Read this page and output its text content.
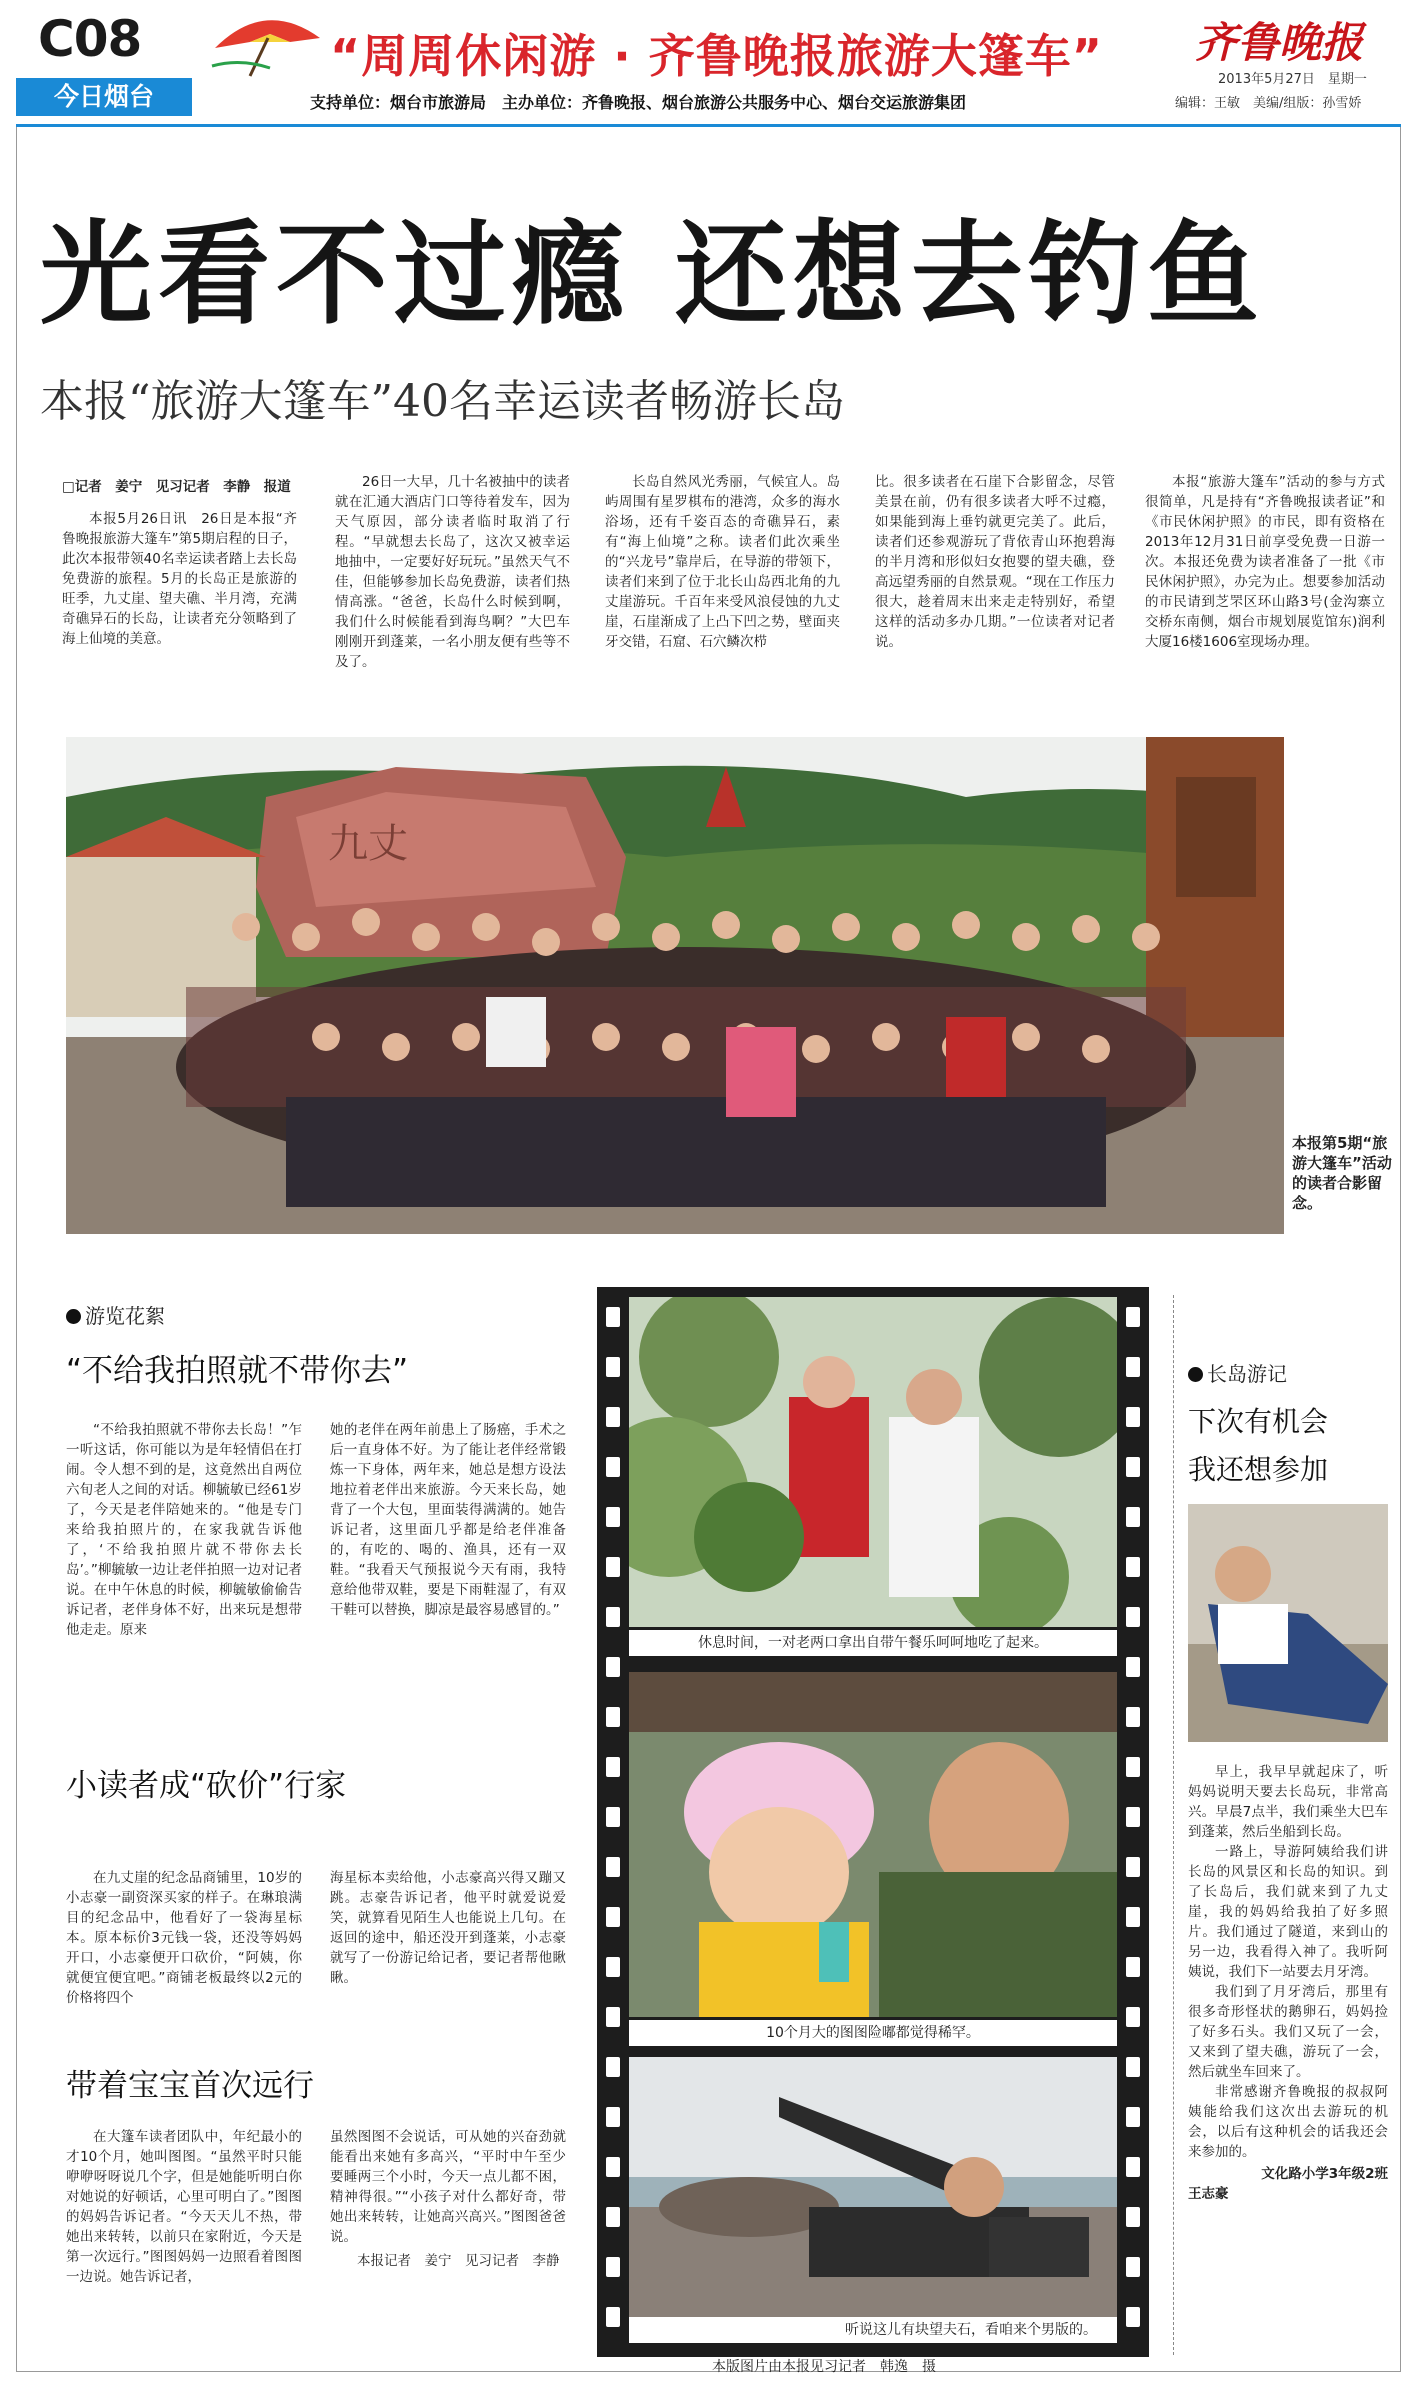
C08
今日烟台
“周周休闲游 · 齐鲁晚报旅游大篷车”
支持单位：烟台市旅游局　主办单位：齐鲁晚报、烟台旅游公共服务中心、烟台交运旅游集团
齐鲁晚报
2013年5月27日　星期一
编辑：王敏　美编/组版：孙雪娇
光看不过瘾 还想去钓鱼
本报“旅游大篷车”40名幸运读者畅游长岛
□记者　姜宁　见习记者　李静　报道

本报5月26日讯　26日是本报“齐鲁晚报旅游大篷车”第5期启程的日子，此次本报带领40名幸运读者踏上去长岛免费游的旅程。5月的长岛正是旅游的旺季，九丈崖、望夫礁、半月湾，充满奇礁异石的长岛，让读者充分领略到了海上仙境的美意。

26日一大早，几十名被抽中的读者就在汇通大酒店门口等待着发车，因为天气原因，部分读者临时取消了行程。“早就想去长岛了，这次又被幸运地抽中，一定要好好玩玩。”虽然天气不佳，但能够参加长岛免费游，读者们热情高涨。“爸爸，长岛什么时候到啊，我们什么时候能看到海鸟啊？”大巴车刚刚开到蓬莱，一名小朋友便有些等不及了。

长岛自然风光秀丽，气候宜人。岛屿周围有星罗棋布的港湾，众多的海水浴场，还有千姿百态的奇礁异石，素有“海上仙境”之称。读者们此次乘坐的“兴龙号”靠岸后，在导游的带领下，读者们来到了位于北长山岛西北角的九丈崖游玩。千百年来受风浪侵蚀的九丈崖，石崖渐成了上凸下凹之势，壁面夹牙交错，石窟、石穴鳞次栉

比。很多读者在石崖下合影留念，尽管美景在前，仍有很多读者大呼不过瘾，如果能到海上垂钓就更完美了。此后，读者们还参观游玩了背依青山环抱碧海的半月湾和形似妇女抱婴的望夫礁，登高远望秀丽的自然景观。“现在工作压力很大，趁着周末出来走走特别好，希望这样的活动多办几期。”一位读者对记者说。

本报“旅游大篷车”活动的参与方式很简单，凡是持有“齐鲁晚报读者证”和《市民休闲护照》的市民，即有资格在2013年12月31日前享受免费一日游一次。本报还免费为读者准备了一批《市民休闲护照》，办完为止。想要参加活动的市民请到芝罘区环山路3号(金沟寨立交桥东南侧，烟台市规划展览馆东)润利大厦16楼1606室现场办理。

九丈
本报第5期“旅游大篷车”活动的读者合影留念。
游览花絮
“不给我拍照就不带你去”

“不给我拍照就不带你去长岛！”乍一听这话，你可能以为是年轻情侣在打闹。令人想不到的是，这竟然出自两位六旬老人之间的对话。柳毓敏已经61岁了，今天是老伴陪她来的。“他是专门来给我拍照片的，在家我就告诉他了，‘不给我拍照片就不带你去长岛’。”柳毓敏一边让老伴拍照一边对记者说。在中午休息的时候，柳毓敏偷偷告诉记者，老伴身体不好，出来玩是想带他走走。原来

她的老伴在两年前患上了肠癌，手术之后一直身体不好。为了能让老伴经常锻炼一下身体，两年来，她总是想方设法地拉着老伴出来旅游。今天来长岛，她背了一个大包，里面装得满满的。她告诉记者，这里面几乎都是给老伴准备的，有吃的、喝的、渔具，还有一双鞋。“我看天气预报说今天有雨，我特意给他带双鞋，要是下雨鞋湿了，有双干鞋可以替换，脚凉是最容易感冒的。”

小读者成“砍价”行家

在九丈崖的纪念品商铺里，10岁的小志豪一副资深买家的样子。在琳琅满目的纪念品中，他看好了一袋海星标本。原本标价3元钱一袋，还没等妈妈开口，小志豪便开口砍价，“阿姨，你就便宜便宜吧。”商铺老板最终以2元的价格将四个

海星标本卖给他，小志豪高兴得又蹦又跳。志豪告诉记者，他平时就爱说爱笑，就算看见陌生人也能说上几句。在返回的途中，船还没开到蓬莱，小志豪就写了一份游记给记者，要记者帮他瞅瞅。

带着宝宝首次远行

在大篷车读者团队中，年纪最小的才10个月，她叫图图。“虽然平时只能咿咿呀呀说几个字，但是她能听明白你对她说的好顿话，心里可明白了。”图图的妈妈告诉记者。“今天天儿不热，带她出来转转，以前只在家附近，今天是第一次远行。”图图妈妈一边照看着图图一边说。她告诉记者，

虽然图图不会说话，可从她的兴奋劲就能看出来她有多高兴，“平时中午至少要睡两三个小时，今天一点儿都不困，精神得很。”“小孩子对什么都好奇，带她出来转转，让她高兴高兴。”图图爸爸说。

本报记者　姜宁　见习记者　李静

休息时间，一对老两口拿出自带午餐乐呵呵地吃了起来。
10个月大的图图险嘟都觉得稀罕。
听说这儿有块望夫石，看咱来个男版的。
本版图片由本报见习记者　韩逸　摄
长岛游记
下次有机会
我还想参加

早上，我早早就起床了，听妈妈说明天要去长岛玩，非常高兴。早晨7点半，我们乘坐大巴车到蓬莱，然后坐船到长岛。

一路上，导游阿姨给我们讲长岛的风景区和长岛的知识。到了长岛后，我们就来到了九丈崖，我的妈妈给我拍了好多照片。我们通过了隧道，来到山的另一边，我看得入神了。我听阿姨说，我们下一站要去月牙湾。

我们到了月牙湾后，那里有很多奇形怪状的鹅卵石，妈妈捡了好多石头。我们又玩了一会，又来到了望夫礁，游玩了一会，然后就坐车回来了。

非常感谢齐鲁晚报的叔叔阿姨能给我们这次出去游玩的机会，以后有这种机会的话我还会来参加的。

文化路小学3年级2班
王志豪
